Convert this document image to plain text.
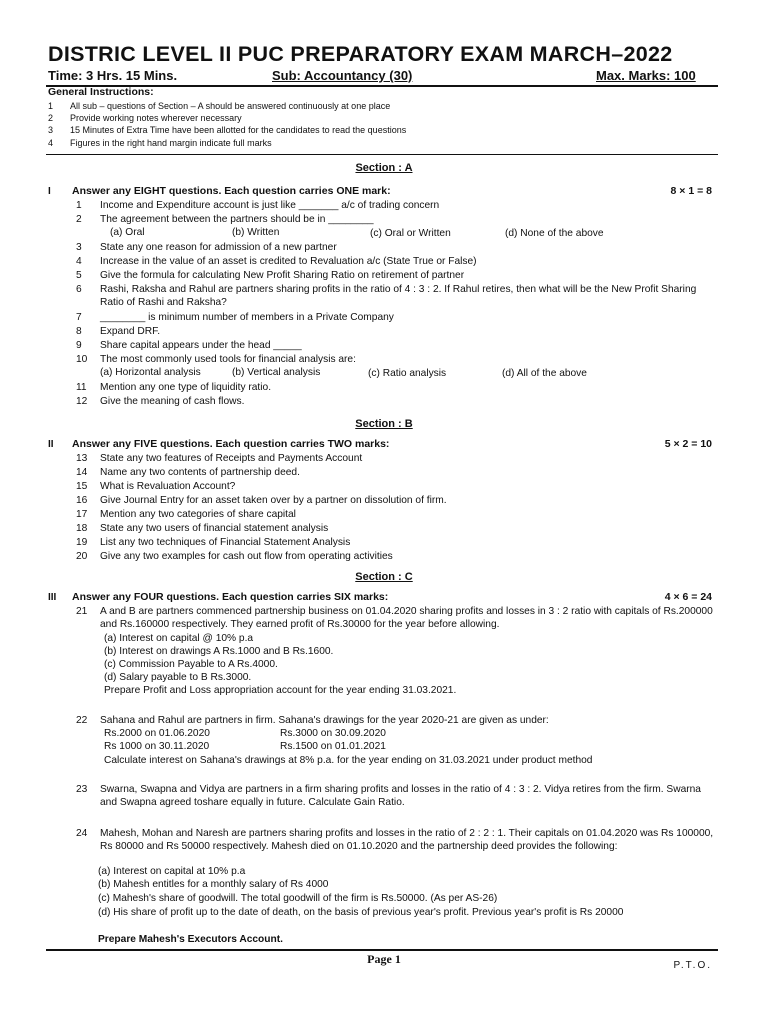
DISTRIC LEVEL II PUC PREPARATORY EXAM MARCH–2022
Time: 3 Hrs. 15 Mins.	Sub: Accountancy (30)	Max. Marks: 100
General Instructions:
1	All sub – questions of Section – A should be answered continuously at one place
2	Provide working notes wherever necessary
3	15 Minutes of Extra Time have been allotted for the candidates to read the questions
4	Figures in the right hand margin indicate full marks
Section : A
I Answer any EIGHT questions. Each question carries ONE mark:	8 × 1 = 8
1 Income and Expenditure account is just like _______ a/c of trading concern
2 The agreement between the partners should be in ________
(a) Oral	(b) Written	(c) Oral or Written	(d) None of the above
3 State any one reason for admission of a new partner
4 Increase in the value of an asset is credited to Revaluation a/c (State True or False)
5 Give the formula for calculating New Profit Sharing Ratio on retirement of partner
6 Rashi, Raksha and Rahul are partners sharing profits in the ratio of 4 : 3 : 2. If Rahul retires, then what will be the New Profit Sharing Ratio of Rashi and Raksha?
7 ________ is minimum number of members in a Private Company
8 Expand DRF.
9 Share capital appears under the head _____
10 The most commonly used tools for financial analysis are:
(a) Horizontal analysis	(b) Vertical analysis	(c) Ratio analysis	(d) All of the above
11 Mention any one type of liquidity ratio.
12 Give the meaning of cash flows.
Section : B
II Answer any FIVE questions. Each question carries TWO marks:	5 × 2 = 10
13 State any two features of Receipts and Payments Account
14 Name any two contents of partnership deed.
15 What is Revaluation Account?
16 Give Journal Entry for an asset taken over by a partner on dissolution of firm.
17 Mention any two categories of share capital
18 State any two users of financial statement analysis
19 List any two techniques of Financial Statement Analysis
20 Give any two examples for cash out flow from operating activities
Section : C
III Answer any FOUR questions. Each question carries SIX marks:	4 × 6 = 24
21 A and B are partners commenced partnership business on 01.04.2020 sharing profits and losses in 3 : 2 ratio with capitals of Rs.200000 and Rs.160000 respectively. They earned profit of Rs.30000 for the year before allowing.
(a) Interest on capital @ 10% p.a
(b) Interest on drawings A Rs.1000 and B Rs.1600.
(c) Commission Payable to A Rs.4000.
(d) Salary payable to B Rs.3000.
Prepare Profit and Loss appropriation account for the year ending 31.03.2021.
22 Sahana and Rahul are partners in firm. Sahana's drawings for the year 2020-21 are given as under:
Rs.2000 on 01.06.2020	Rs.3000 on 30.09.2020
Rs 1000 on 30.11.2020	Rs.1500 on 01.01.2021
Calculate interest on Sahana's drawings at 8% p.a. for the year ending on 31.03.2021 under product method
23 Swarna, Swapna and Vidya are partners in a firm sharing profits and losses in the ratio of 4 : 3 : 2. Vidya retires from the firm. Swarna and Swapna agreed toshare equally in future. Calculate Gain Ratio.
24 Mahesh, Mohan and Naresh are partners sharing profits and losses in the ratio of 2 : 2 : 1. Their capitals on 01.04.2020 was Rs 100000, Rs 80000 and Rs 50000 respectively. Mahesh died on 01.10.2020 and the partnership deed provides the following:
(a) Interest on capital at 10% p.a
(b) Mahesh entitles for a monthly salary of Rs 4000
(c) Mahesh's share of goodwill. The total goodwill of the firm is Rs.50000. (As per AS-26)
(d) His share of profit up to the date of death, on the basis of previous year's profit. Previous year's profit is Rs 20000
Prepare Mahesh's Executors Account.
Page 1	P.T.O.
